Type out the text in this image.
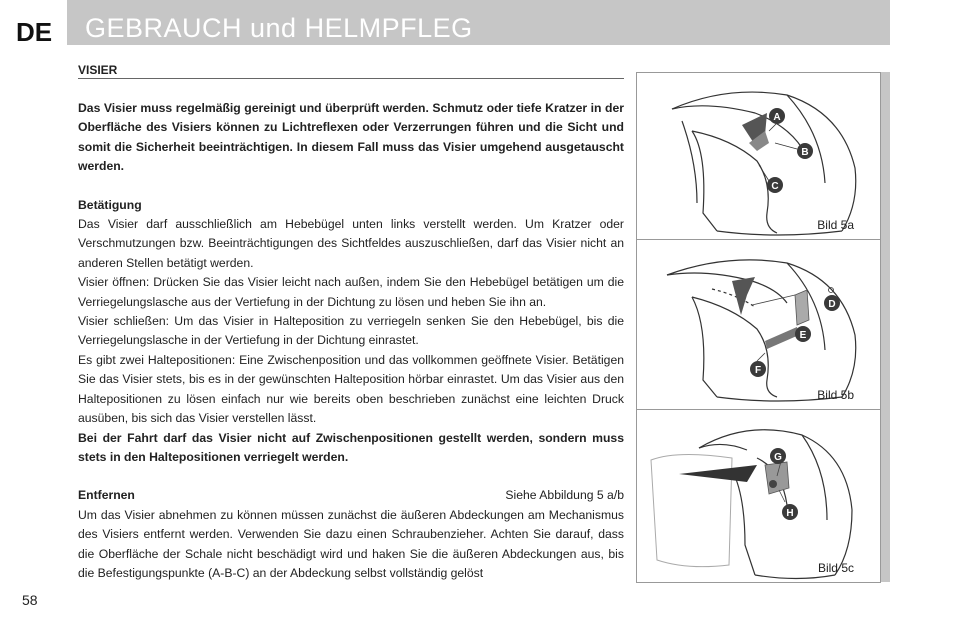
DE GEBRAUCH und HELMPFLEG
VISIER

Das Visier muss regelmäßig gereinigt und überprüft werden. Schmutz oder tiefe Kratzer in der Oberfläche des Visiers können zu Lichtreflexen oder Verzerrungen führen und die Sicht und somit die Sicherheit beeinträchtigen. In diesem Fall muss das Visier umgehend ausgetauscht werden.

Betätigung

Das Visier darf ausschließlich am Hebebügel unten links verstellt werden. Um Kratzer oder Verschmutzungen bzw. Beeinträchtigungen des Sichtfeldes auszuschließen, darf das Visier nicht an anderen Stellen betätigt werden.

Visier öffnen: Drücken Sie das Visier leicht nach außen, indem Sie den Hebebügel betätigen um die Verriegelungslasche aus der Vertiefung in der Dichtung zu lösen und heben Sie ihn an.

Visier schließen: Um das Visier in Halteposition zu verriegeln senken Sie den Hebebügel, bis die Verriegelungslasche in der Vertiefung in der Dichtung einrastet.

Es gibt zwei Haltepositionen: Eine Zwischenposition und das vollkommen geöffnete Visier. Betätigen Sie das Visier stets, bis es in der gewünschten Halteposition hörbar einrastet. Um das Visier aus den Haltepositionen zu lösen einfach nur wie bereits oben beschrieben zunächst eine leichten Druck ausüben, bis sich das Visier verstellen lässt.

Bei der Fahrt darf das Visier nicht auf Zwischenpositionen gestellt werden, sondern muss stets in den Haltepositionen verriegelt werden.

Entfernen	Siehe Abbildung 5 a/b

Um das Visier abnehmen zu können müssen zunächst die äußeren Abdeckungen am Mechanismus des Visiers entfernt werden. Verwenden Sie dazu einen Schraubenzieher. Achten Sie darauf, dass die Oberfläche der Schale nicht beschädigt wird und haken Sie die äußeren Abdeckungen aus, bis die Befestigungspunkte (A-B-C) an der Abdeckung selbst vollständig gelöst

58
A
B
C
Bild 5a
D
E
F
Bild 5b
G
H
Bild 5c
